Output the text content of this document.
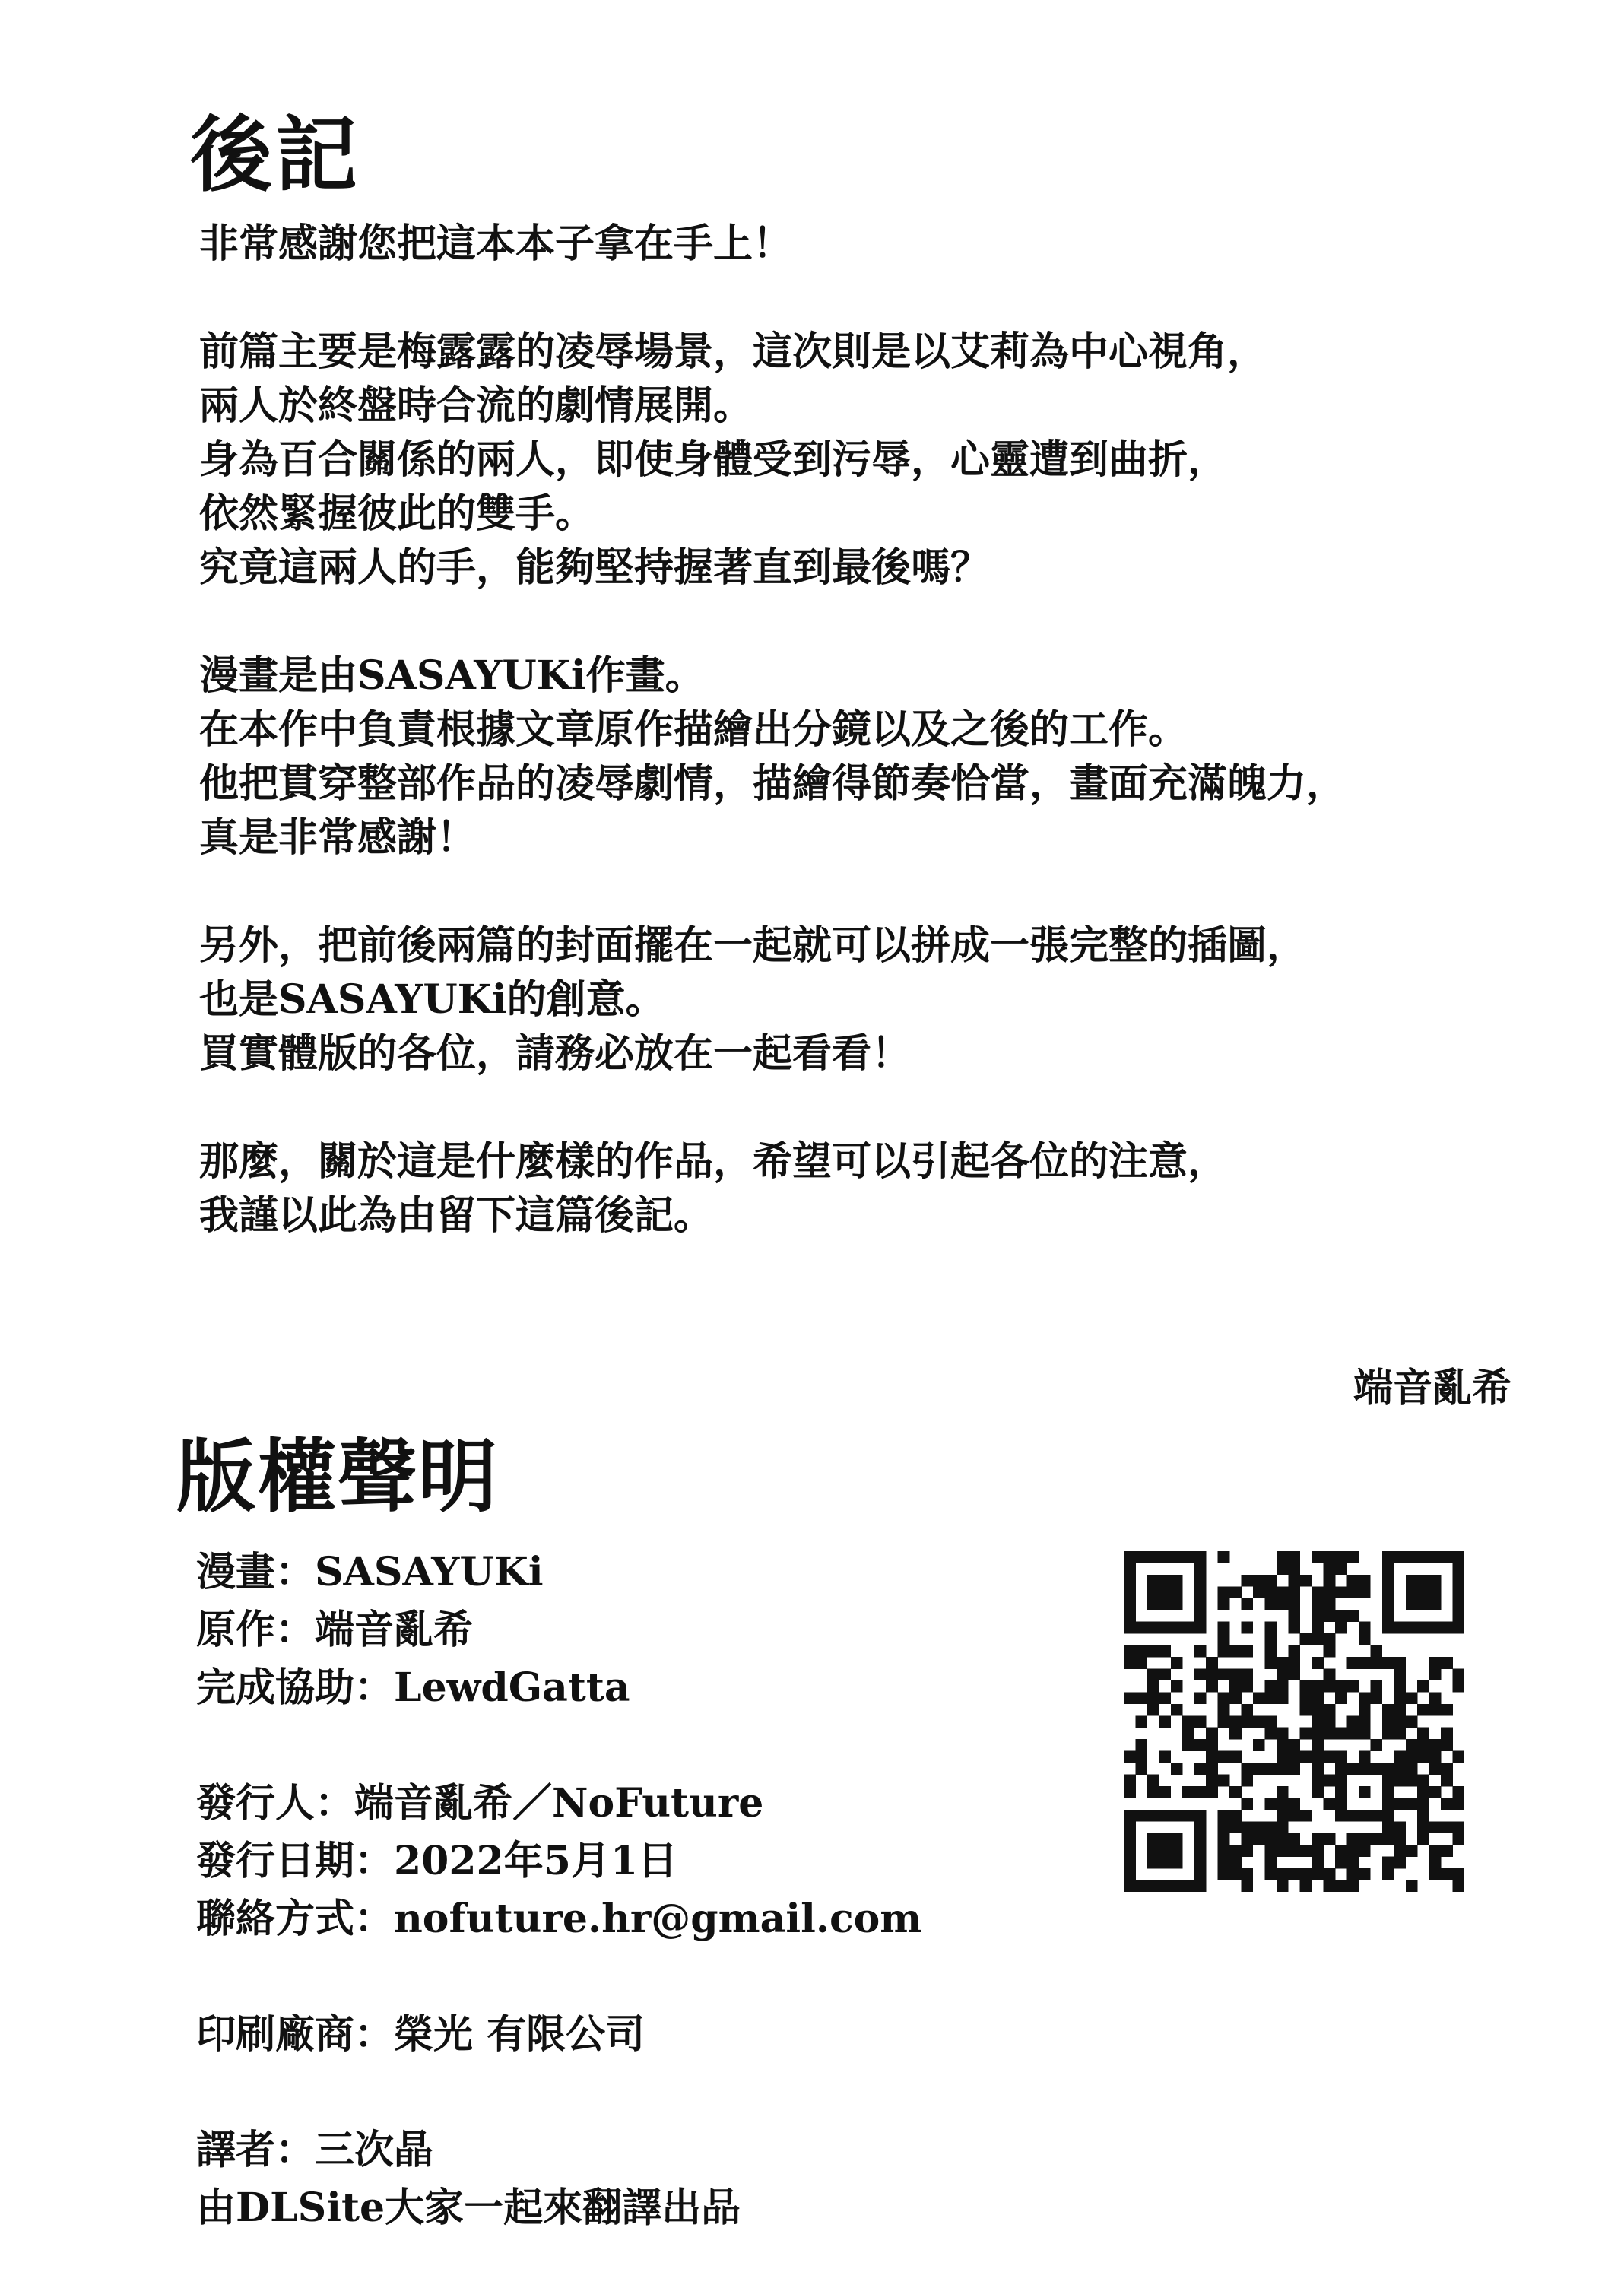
後記

非常感謝您把這本本子拿在手上！

前篇主要是梅露露的凌辱場景，這次則是以艾莉為中心視角，
兩人於終盤時合流的劇情展開。
身為百合關係的兩人，即使身體受到污辱，心靈遭到曲折，
依然緊握彼此的雙手。
究竟這兩人的手，能夠堅持握著直到最後嗎？

漫畫是由SASAYUKi作畫。
在本作中負責根據文章原作描繪出分鏡以及之後的工作。
他把貫穿整部作品的凌辱劇情，描繪得節奏恰當，畫面充滿魄力，
真是非常感謝！

另外，把前後兩篇的封面擺在一起就可以拼成一張完整的插圖，
也是SASAYUKi的創意。
買實體版的各位，請務必放在一起看看！

那麼，關於這是什麼樣的作品，希望可以引起各位的注意，
我謹以此為由留下這篇後記。

端音亂希

版權聲明
漫畫：SASAYUKi
原作：端音亂希
完成協助：LewdGatta
發行人：端音亂希／NoFuture
發行日期：2022年5月1日
聯絡方式：nofuture.hr@gmail.com
印刷廠商：榮光 有限公司
譯者：三次晶
由DLSite大家一起來翻譯出品
